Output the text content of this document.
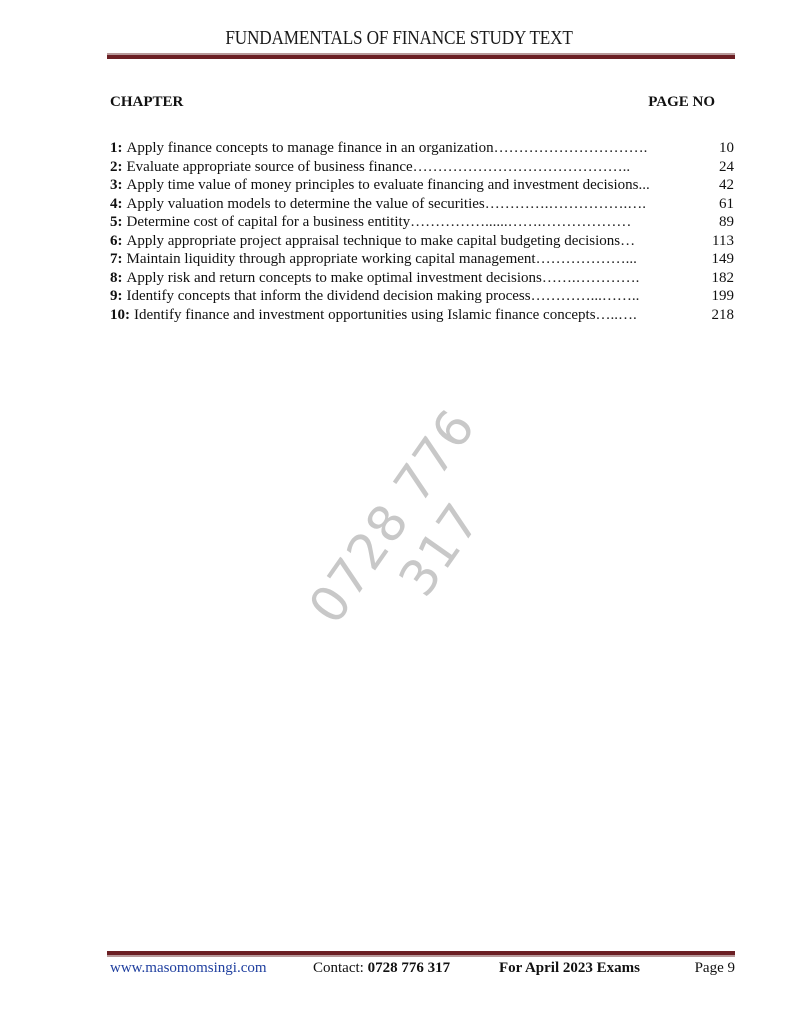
FUNDAMENTALS OF FINANCE STUDY TEXT
CHAPTER	PAGE NO
1: Apply finance concepts to manage finance in an organization ………………………….	10
2: Evaluate appropriate source of business finance ……………………………………..	24
3: Apply time value of money principles to evaluate financing and investment decisions ...	42
4: Apply valuation models to determine the value of securities ………….…………….….	61
5: Determine cost of capital for a business entitity ……………......…….………………	89
6: Apply appropriate project appraisal technique to make capital budgeting decisions …	113
7: Maintain liquidity through appropriate working capital management ………………...	149
8: Apply risk and return concepts to make optimal investment decisions …….………….	182
9: Identify concepts that inform the dividend decision making process …………...……..	199
10: Identify finance and investment opportunities using Islamic finance concepts …..….	218
0728 776 317
www.masomomsingi.com	Contact: 0728 776 317	For April 2023 Exams	Page 9
